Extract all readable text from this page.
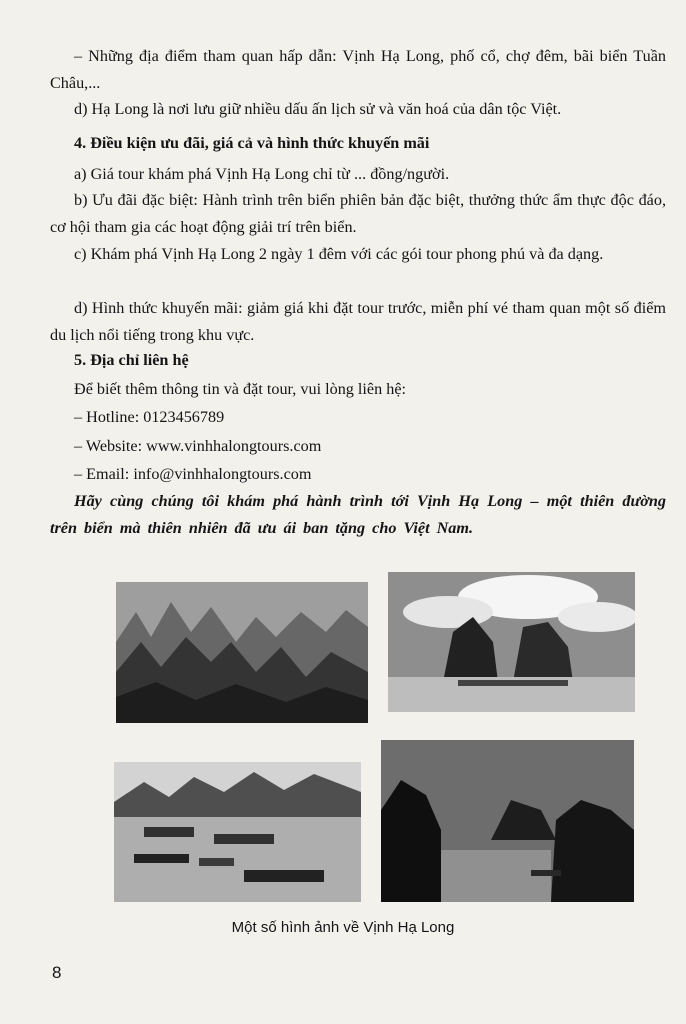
– Những địa điểm tham quan hấp dẫn: Vịnh Hạ Long, phố cổ, chợ đêm, bãi biển Tuần Châu,...

d) Hạ Long là nơi lưu giữ nhiều dấu ấn lịch sử và văn hoá của dân tộc Việt.

4. Điều kiện ưu đãi, giá cả và hình thức khuyến mãi

a) Giá tour khám phá Vịnh Hạ Long chỉ từ ... đồng/người.

b) Ưu đãi đặc biệt: Hành trình trên biển phiên bản đặc biệt, thưởng thức ẩm thực độc đáo, cơ hội tham gia các hoạt động giải trí trên biển.

c) Khám phá Vịnh Hạ Long 2 ngày 1 đêm với các gói tour phong phú và đa dạng.

d) Hình thức khuyến mãi: giảm giá khi đặt tour trước, miễn phí vé tham quan một số điểm du lịch nổi tiếng trong khu vực.

5. Địa chỉ liên hệ

Để biết thêm thông tin và đặt tour, vui lòng liên hệ:
– Hotline: 0123456789
– Website: www.vinhhalongtours.com
– Email: info@vinhhalongtours.com

Hãy cùng chúng tôi khám phá hành trình tới Vịnh Hạ Long – một thiên đường trên biển mà thiên nhiên đã ưu ái ban tặng cho Việt Nam.

Một số hình ảnh về Vịnh Hạ Long
8
